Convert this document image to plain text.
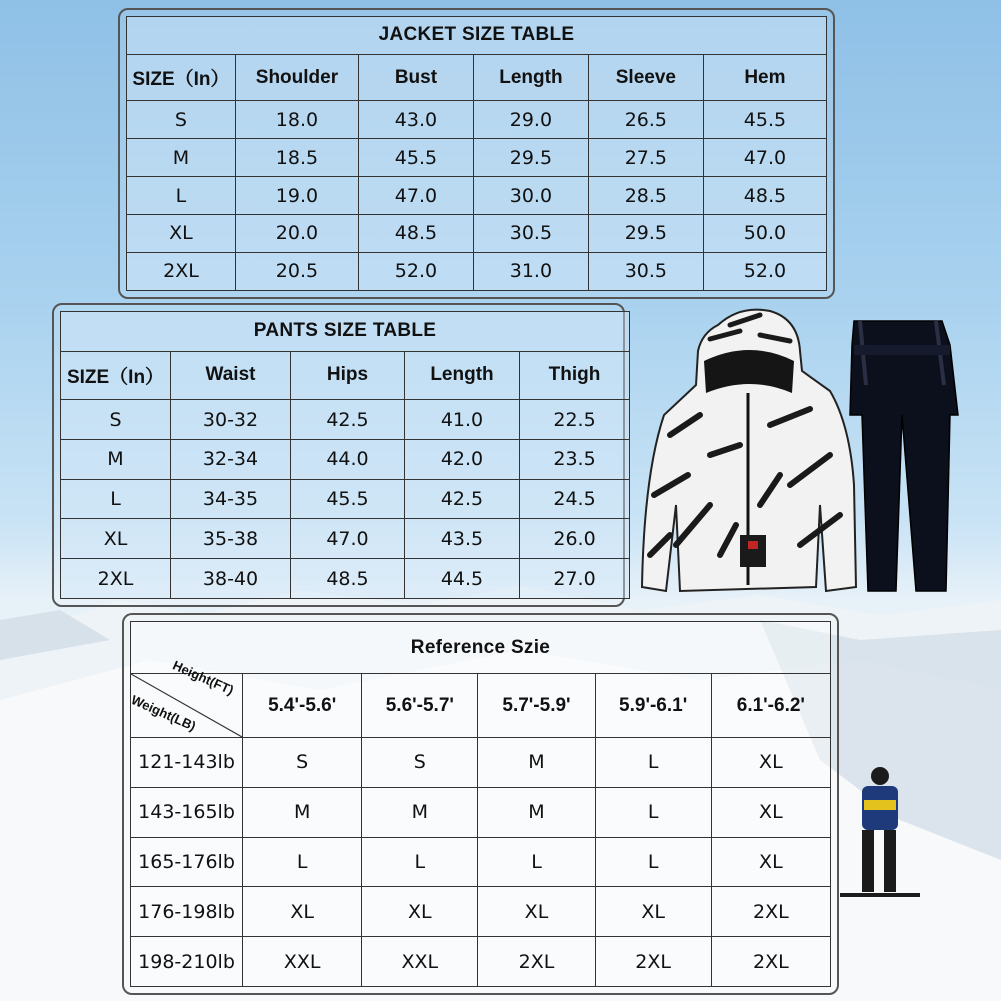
JACKET SIZE TABLE					
SIZE（In）	Shoulder	Bust	Length	Sleeve	Hem
S	18.0	43.0	29.0	26.5	45.5
M	18.5	45.5	29.5	27.5	47.0
L	19.0	47.0	30.0	28.5	48.5
XL	20.0	48.5	30.5	29.5	50.0
2XL	20.5	52.0	31.0	30.5	52.0
PANTS SIZE TABLE				
SIZE（In）	Waist	Hips	Length	Thigh
S	30-32	42.5	41.0	22.5
M	32-34	44.0	42.0	23.5
L	34-35	45.5	42.5	24.5
XL	35-38	47.0	43.5	26.0
2XL	38-40	48.5	44.5	27.0
Reference Szie					

Height(FT)
Weight(LB)	5.4'-5.6'	5.6'-5.7'	5.7'-5.9'	5.9'-6.1'	6.1'-6.2'
121-143lb	S	S	M	L	XL
143-165lb	M	M	M	L	XL
165-176lb	L	L	L	L	XL
176-198lb	XL	XL	XL	XL	2XL
198-210lb	XXL	XXL	2XL	2XL	2XL
